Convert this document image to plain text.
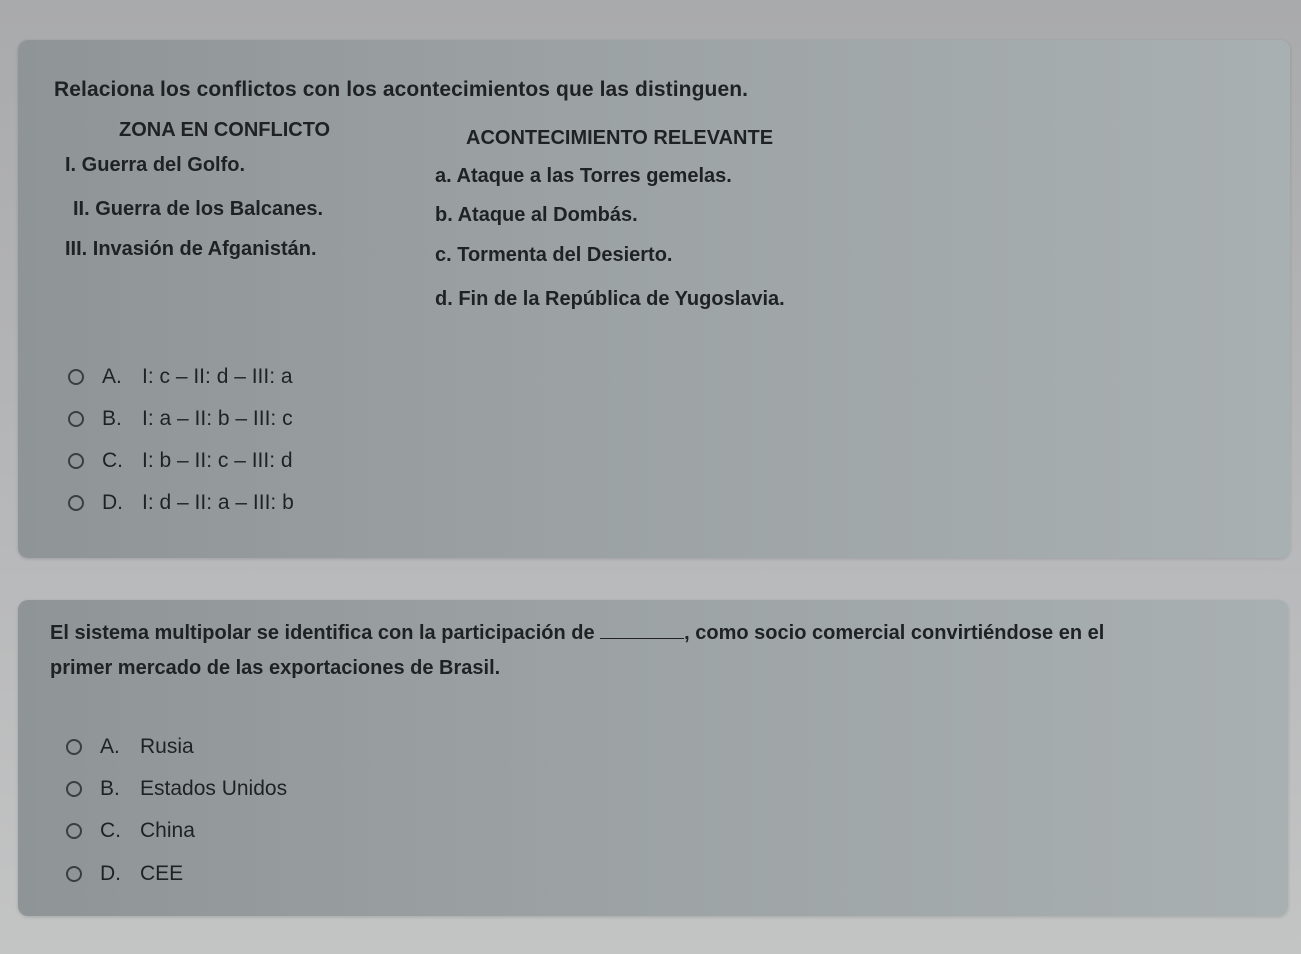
Relaciona los conflictos con los acontecimientos que las distinguen.
ZONA EN CONFLICTO	ACONTECIMIENTO RELEVANTE
I. Guerra del Golfo.
II. Guerra de los Balcanes.
III. Invasión de Afganistán.
a. Ataque a las Torres gemelas.
b. Ataque al Dombás.
c. Tormenta del Desierto.
d. Fin de la República de Yugoslavia.
A. I: c – II: d – III: a
B. I: a – II: b – III: c
C. I: b – II: c – III: d
D. I: d – II: a – III: b
El sistema multipolar se identifica con la participación de	, como socio comercial convirtiéndose en el
primer mercado de las exportaciones de Brasil.
A. Rusia
B. Estados Unidos
C. China
D. CEE
